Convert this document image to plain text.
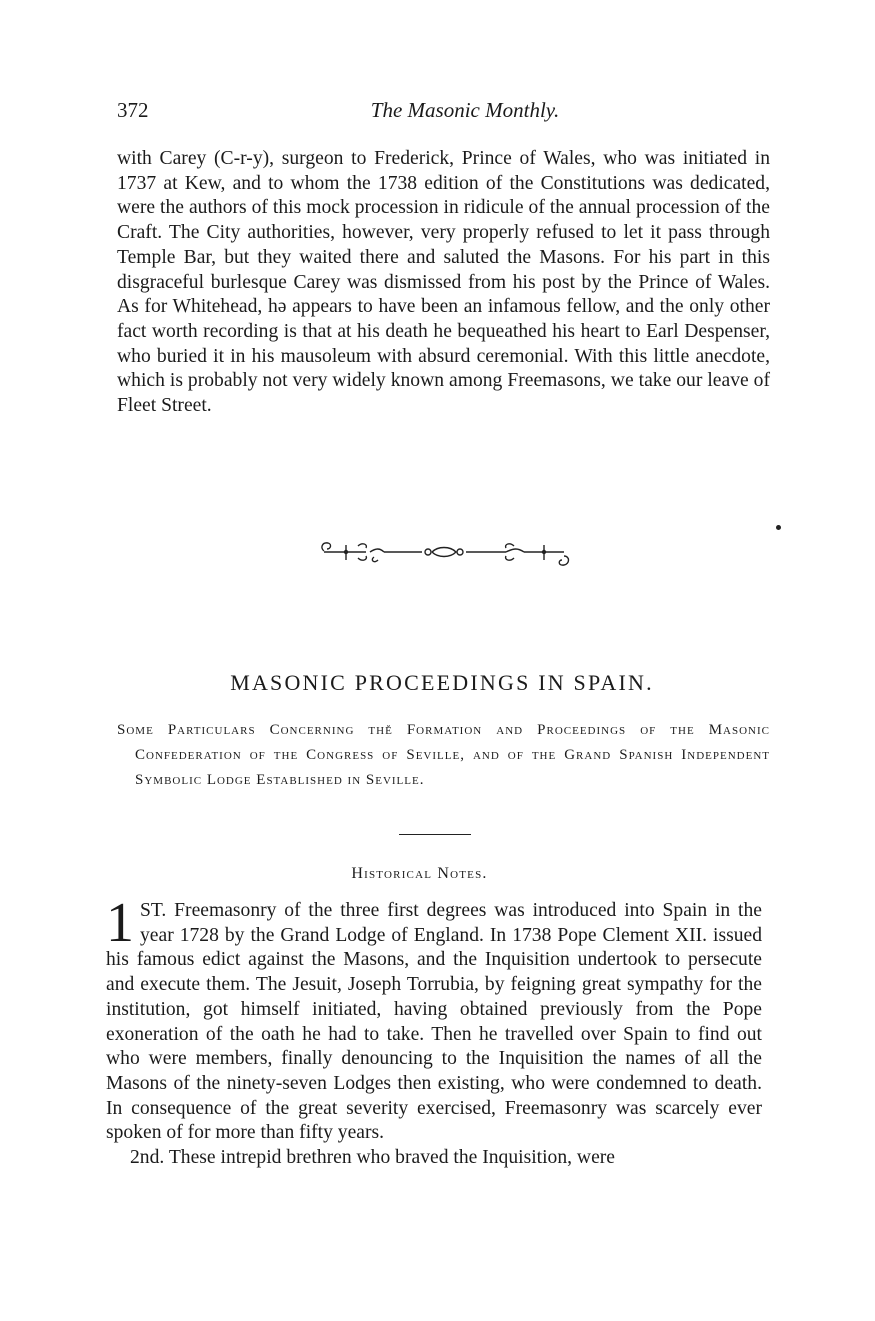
372	The Masonic Monthly.

with Carey (C-r-y), surgeon to Frederick, Prince of Wales, who was initiated in 1737 at Kew, and to whom the 1738 edition of the Constitutions was dedicated, were the authors of this mock procession in ridicule of the annual procession of the Craft. The City authorities, however, very properly refused to let it pass through Temple Bar, but they waited there and saluted the Masons. For his part in this disgraceful burlesque Carey was dismissed from his post by the Prince of Wales. As for Whitehead, hə appears to have been an infamous fellow, and the only other fact worth recording is that at his death he bequeathed his heart to Earl Despenser, who buried it in his mausoleum with absurd ceremonial. With this little anecdote, which is probably not very widely known among Freemasons, we take our leave of Fleet Street.

MASONIC PROCEEDINGS IN SPAIN.

Some Particulars Concerning thĕ Formation and Proceedings of the Masonic Confederation of the Congress of Seville, and of the Grand Spanish Independent Symbolic Lodge Established in Seville.

Historical Notes.

1 ST. Freemasonry of the three first degrees was introduced into Spain in the year 1728 by the Grand Lodge of England. In 1738 Pope Clement XII. issued his famous edict against the Masons, and the Inquisition undertook to persecute and execute them. The Jesuit, Joseph Torrubia, by feigning great sympathy for the institution, got himself initiated, having obtained previously from the Pope exoneration of the oath he had to take. Then he travelled over Spain to find out who were members, finally denouncing to the Inquisition the names of all the Masons of the ninety-seven Lodges then existing, who were condemned to death. In consequence of the great severity exercised, Freemasonry was scarcely ever spoken of for more than fifty years.

2nd. These intrepid brethren who braved the Inquisition, were
